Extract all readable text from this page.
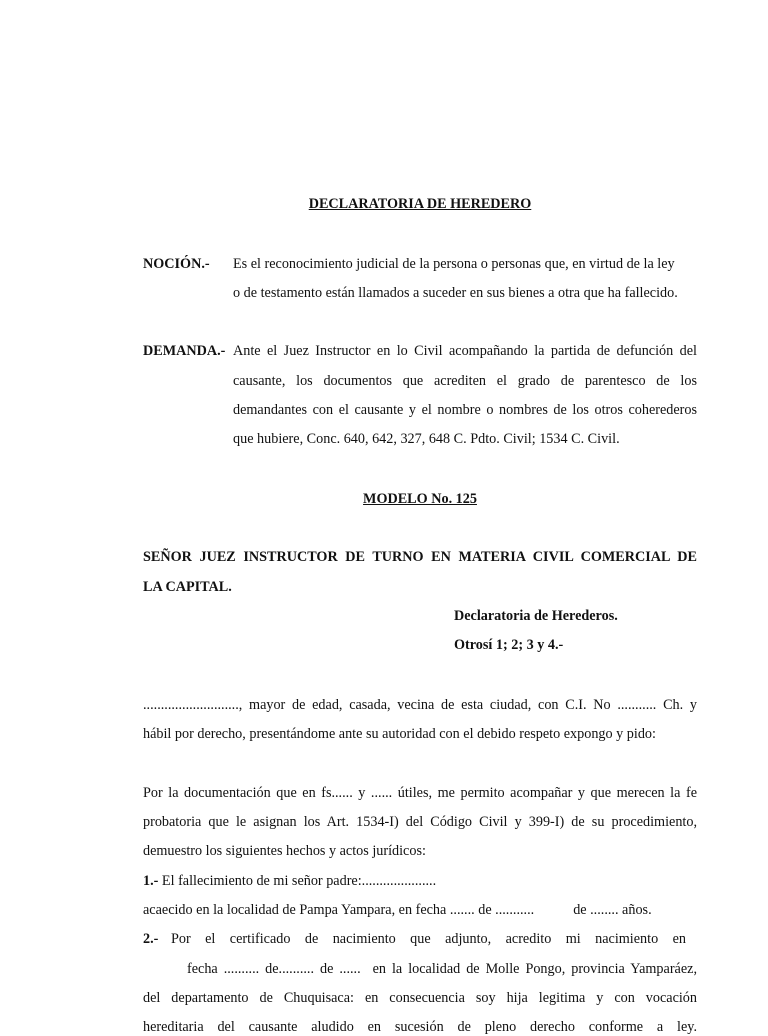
DECLARATORIA DE HEREDERO
NOCIÓN.- Es el reconocimiento judicial de la persona o personas que, en virtud de la ley
o de testamento están llamados a suceder en sus bienes a otra que ha fallecido.
DEMANDA.- Ante el Juez Instructor en lo Civil acompañando la partida de defunción del
causante, los documentos que acrediten el grado de parentesco de los
demandantes con el causante y el nombre o nombres de los otros coherederos
que hubiere, Conc. 640, 642, 327, 648 C. Pdto. Civil; 1534 C. Civil.
MODELO No. 125
SEÑOR JUEZ INSTRUCTOR DE TURNO EN MATERIA CIVIL COMERCIAL DE
LA CAPITAL.
Declaratoria de Herederos.
Otrosí 1; 2; 3 y 4.-
..........................., mayor de edad, casada, vecina de esta ciudad, con C.I. No ........... Ch. y
hábil por derecho, presentándome ante su autoridad con el debido respeto expongo y pido:
Por la documentación que en fs...... y ...... útiles, me permito acompañar y que merecen la fe
probatoria que le asignan los Art. 1534-I) del Código Civil y 399-I) de su procedimiento,
demuestro los siguientes hechos y actos jurídicos:
1.- El fallecimiento de mi señor padre:.....................
acaecido en la localidad de Pampa Yampara, en fecha ....... de ...........           de ........ años.
2.- Por el certificado de nacimiento que adjunto, acredito mi nacimiento en
fecha .......... de.......... de ......  en la localidad de Molle Pongo, provincia Yamparáez,
del departamento de Chuquisaca: en consecuencia soy hija legitima y con vocación
hereditaria del causante aludido en sucesión de pleno derecho conforme a ley.
